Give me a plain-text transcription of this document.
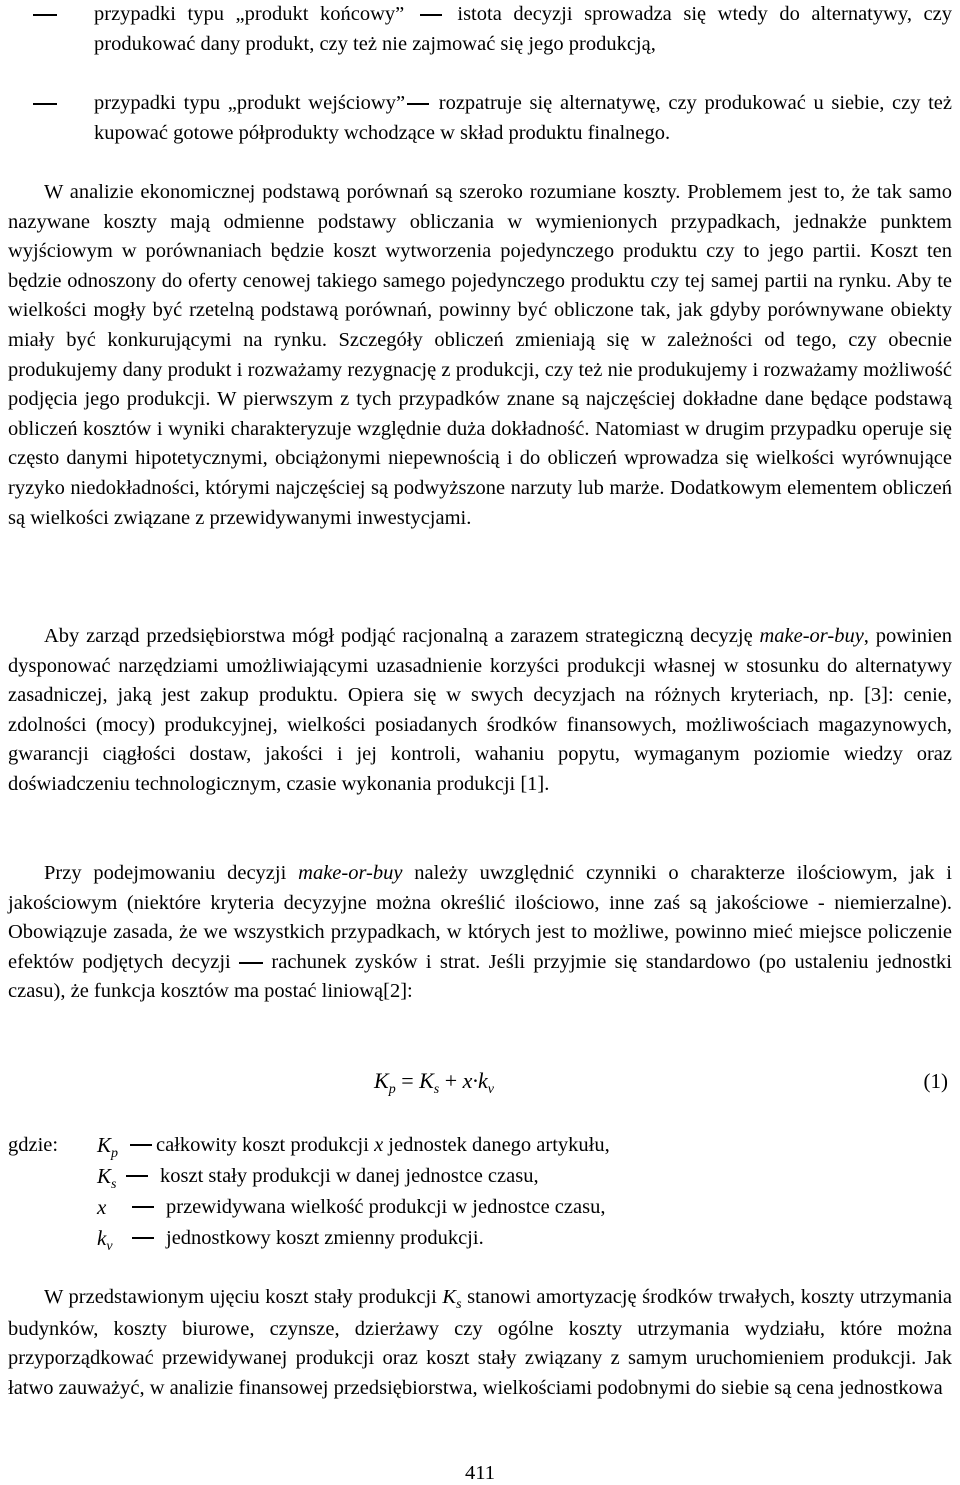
przypadki typu „produkt końcowy”  istota decyzji sprowadza się wtedy do alternatywy, czy produkować dany produkt, czy też nie zajmować się jego produkcją,

przypadki typu „produkt wejściowy” rozpatruje się alternatywę, czy produkować u siebie, czy też kupować gotowe półprodukty wchodzące w skład produktu finalnego.

W analizie ekonomicznej podstawą porównań są szeroko rozumiane koszty. Problemem jest to, że tak samo nazywane koszty mają odmienne podstawy obliczania w wymienionych przypadkach, jednakże punktem wyjściowym w porównaniach będzie koszt wytworzenia pojedynczego produktu czy to jego partii. Koszt ten będzie odnoszony do oferty cenowej takiego samego pojedynczego produktu czy tej samej partii na rynku. Aby te wielkości mogły być rzetelną podstawą porównań, powinny być obliczone tak, jak gdyby porównywane obiekty miały być konkurującymi na rynku. Szczegóły obliczeń zmieniają się w zależności od tego, czy obecnie produkujemy dany produkt i rozważamy rezygnację z produkcji, czy też nie produkujemy i rozważamy możliwość podjęcia jego produkcji. W pierwszym z tych przypadków znane są najczęściej dokładne dane będące podstawą obliczeń kosztów i wyniki charakteryzuje względnie duża dokładność. Natomiast w drugim przypadku operuje się często danymi hipotetycznymi, obciążonymi niepewnością i do obliczeń wprowadza się wielkości wyrównujące ryzyko niedokładności, którymi najczęściej są podwyższone narzuty lub marże. Dodatkowym elementem obliczeń są wielkości związane z przewidywanymi inwestycjami.

Aby zarząd przedsiębiorstwa mógł podjąć racjonalną a zarazem strategiczną decyzję make-or-buy, powinien dysponować narzędziami umożliwiającymi uzasadnienie korzyści produkcji własnej w stosunku do alternatywy zasadniczej, jaką jest zakup produktu. Opiera się w swych decyzjach na różnych kryteriach, np. [3]: cenie, zdolności (mocy) produkcyjnej, wielkości posiadanych środków finansowych, możliwościach magazynowych, gwarancji ciągłości dostaw, jakości i jej kontroli, wahaniu popytu, wymaganym poziomie wiedzy oraz doświadczeniu technologicznym, czasie wykonania produkcji [1].

Przy podejmowaniu decyzji make-or-buy należy uwzględnić czynniki o charakterze ilościowym, jak i jakościowym (niektóre kryteria decyzyjne można określić ilościowo, inne zaś są jakościowe - niemierzalne). Obowiązuje zasada, że we wszystkich przypadkach, w których jest to możliwe, powinno mieć miejsce policzenie efektów podjętych decyzji rachunek zysków i strat. Jeśli przyjmie się standardowo (po ustaleniu jednostki czasu), że funkcja kosztów ma postać liniową[2]:

$K_p = K_s + x\cdot k_v$	(1)
gdzie: $K_p$ całkowity koszt produkcji x jednostek danego artykułu,
$K_s$ koszt stały produkcji w danej jednostce czasu,
x	przewidywana wielkość produkcji w jednostce czasu,
$k_v$	jednostkowy koszt zmienny produkcji.

W przedstawionym ujęciu koszt stały produkcji $K_s$ stanowi amortyzację środków trwałych, koszty utrzymania budynków, koszty biurowe, czynsze, dzierżawy czy ogólne koszty utrzymania wydziału, które można przyporządkować przewidywanej produkcji oraz koszt stały związany z samym uruchomieniem produkcji. Jak łatwo zauważyć, w analizie finansowej przedsiębiorstwa, wielkościami podobnymi do siebie są cena jednostkowa

411
